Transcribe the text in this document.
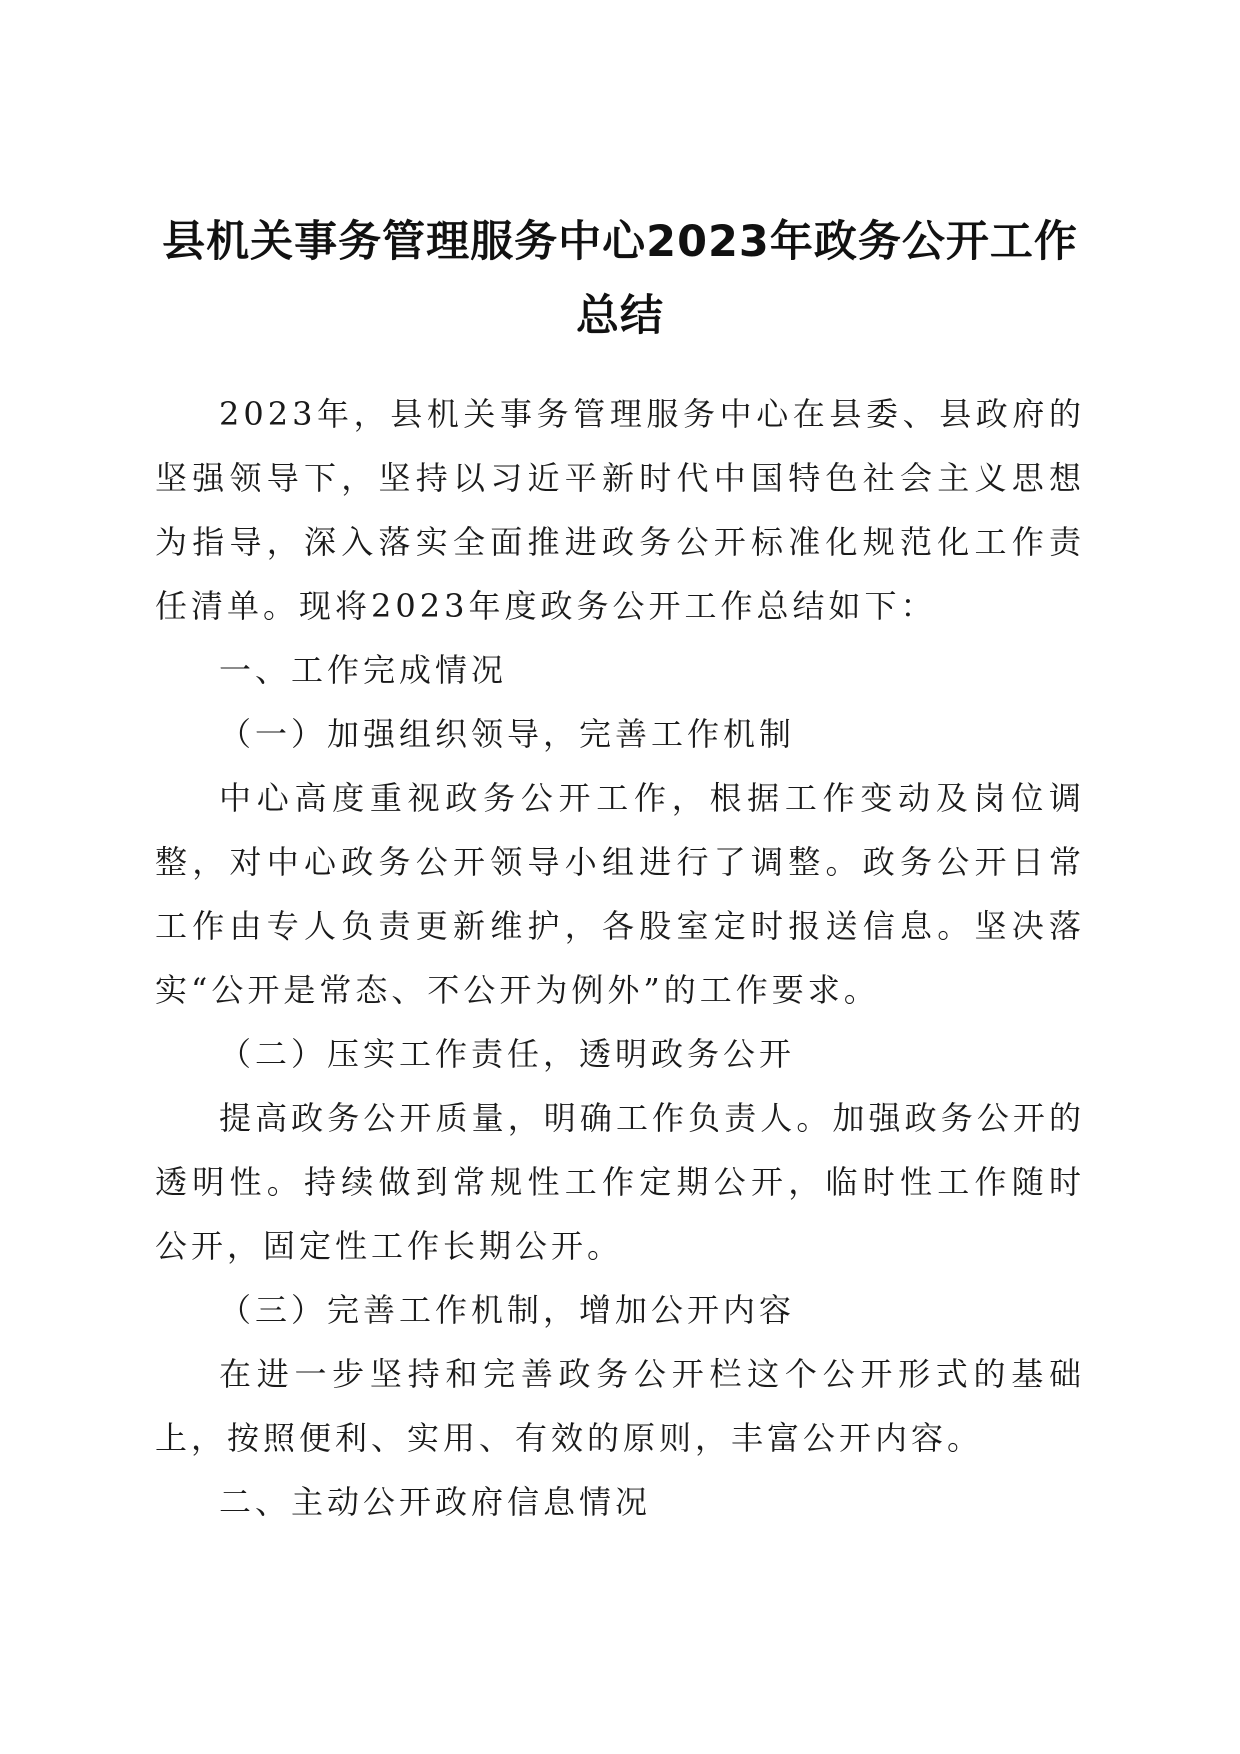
县机关事务管理服务中心2023年政务公开工作总结

2023年，县机关事务管理服务中心在县委、县政府的坚强领导下，坚持以习近平新时代中国特色社会主义思想为指导，深入落实全面推进政务公开标准化规范化工作责任清单。现将2023年度政务公开工作总结如下：

一、工作完成情况

（一）加强组织领导，完善工作机制

中心高度重视政务公开工作，根据工作变动及岗位调整，对中心政务公开领导小组进行了调整。政务公开日常工作由专人负责更新维护，各股室定时报送信息。坚决落实“公开是常态、不公开为例外”的工作要求。

（二）压实工作责任，透明政务公开

提高政务公开质量，明确工作负责人。加强政务公开的透明性。持续做到常规性工作定期公开，临时性工作随时公开，固定性工作长期公开。

（三）完善工作机制，增加公开内容

在进一步坚持和完善政务公开栏这个公开形式的基础上，按照便利、实用、有效的原则，丰富公开内容。

二、主动公开政府信息情况
